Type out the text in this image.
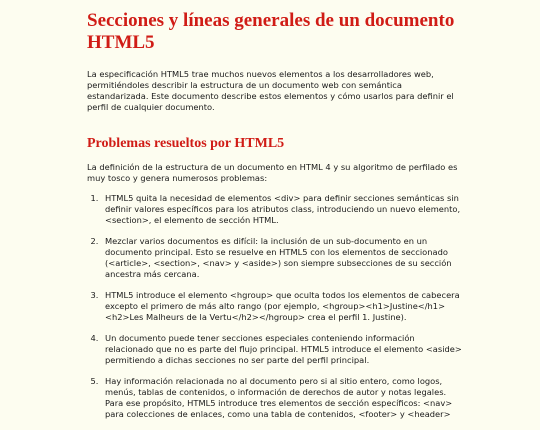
Secciones y líneas generales de un documento HTML5

La especificación HTML5 trae muchos nuevos elementos a los desarrolladores web, permitiéndoles describir la estructura de un documento web con semántica estandarizada. Este documento describe estos elementos y cómo usarlos para definir el perfil de cualquier documento.

Problemas resueltos por HTML5

La definición de la estructura de un documento en HTML 4 y su algoritmo de perfilado es muy tosco y genera numerosos problemas:

1. HTML5 quita la necesidad de elementos <div> para definir secciones semánticas sin definir valores específicos para los atributos class, introduciendo un nuevo elemento, <section>, el elemento de sección HTML.
2. Mezclar varios documentos es difícil: la inclusión de un sub-documento en un documento principal. Esto se resuelve en HTML5 con los elementos de seccionado (<article>, <section>, <nav> y <aside>) son siempre subsecciones de su sección ancestra más cercana.
3. HTML5 introduce el elemento <hgroup> que oculta todos los elementos de cabecera excepto el primero de más alto rango (por ejemplo, <hgroup><h1>Justine</h1><h2>Les Malheurs de la Vertu</h2></hgroup> crea el perfil 1. Justine).
4. Un documento puede tener secciones especiales conteniendo información relacionado que no es parte del flujo principal. HTML5 introduce el elemento <aside> permitiendo a dichas secciones no ser parte del perfil principal.
5. Hay información relacionada no al documento pero si al sitio entero, como logos, menús, tablas de contenidos, o información de derechos de autor y notas legales. Para ese propósito, HTML5 introduce tres elementos de sección específicos: <nav> para colecciones de enlaces, como una tabla de contenidos, <footer> y <header>
